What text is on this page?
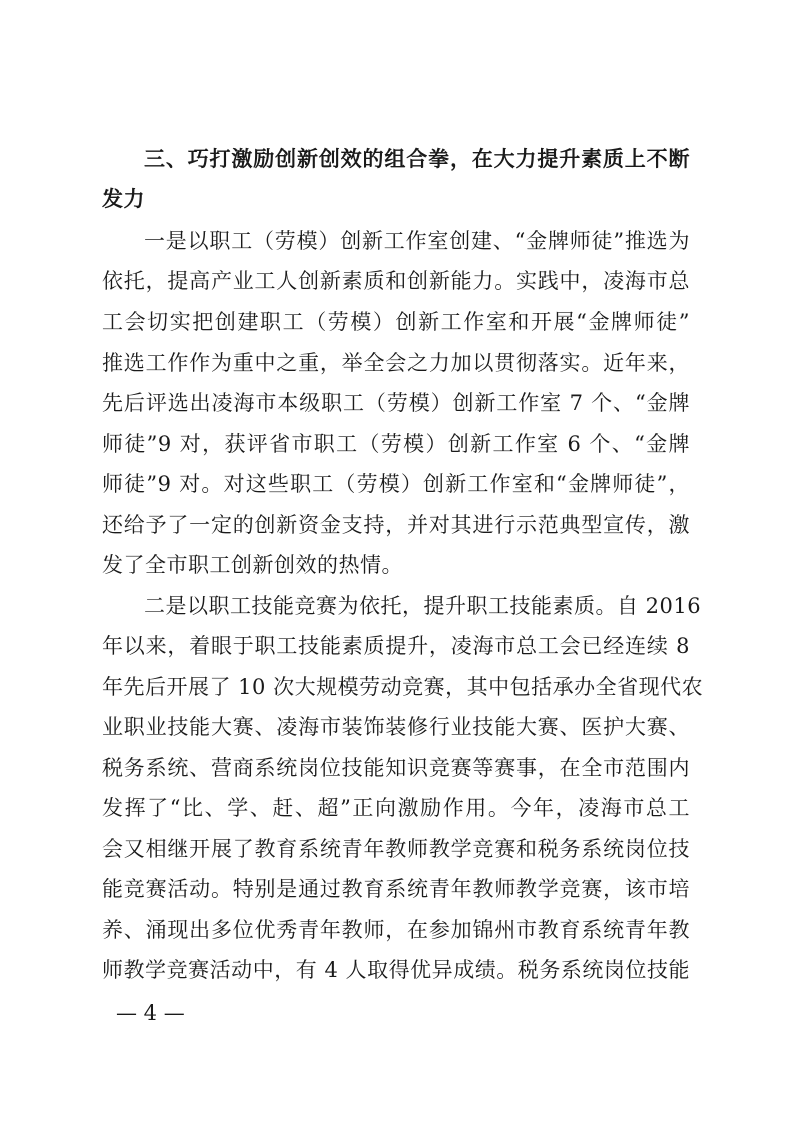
三、巧打激励创新创效的组合拳，在大力提升素质上不断
发力
一是以职工（劳模）创新工作室创建、“金牌师徒”推选为
依托，提高产业工人创新素质和创新能力。实践中，凌海市总
工会切实把创建职工（劳模）创新工作室和开展“金牌师徒”
推选工作作为重中之重，举全会之力加以贯彻落实。近年来，
先后评选出凌海市本级职工（劳模）创新工作室 7 个、“金牌
师徒”9 对，获评省市职工（劳模）创新工作室 6 个、“金牌
师徒”9 对。对这些职工（劳模）创新工作室和“金牌师徒”，
还给予了一定的创新资金支持，并对其进行示范典型宣传，激
发了全市职工创新创效的热情。
二是以职工技能竞赛为依托，提升职工技能素质。自 2016
年以来，着眼于职工技能素质提升，凌海市总工会已经连续 8
年先后开展了 10 次大规模劳动竞赛，其中包括承办全省现代农
业职业技能大赛、凌海市装饰装修行业技能大赛、医护大赛、
税务系统、营商系统岗位技能知识竞赛等赛事，在全市范围内
发挥了“比、学、赶、超”正向激励作用。今年，凌海市总工
会又相继开展了教育系统青年教师教学竞赛和税务系统岗位技
能竞赛活动。特别是通过教育系统青年教师教学竞赛，该市培
养、涌现出多位优秀青年教师，在参加锦州市教育系统青年教
师教学竞赛活动中，有 4 人取得优异成绩。税务系统岗位技能
— 4 —
